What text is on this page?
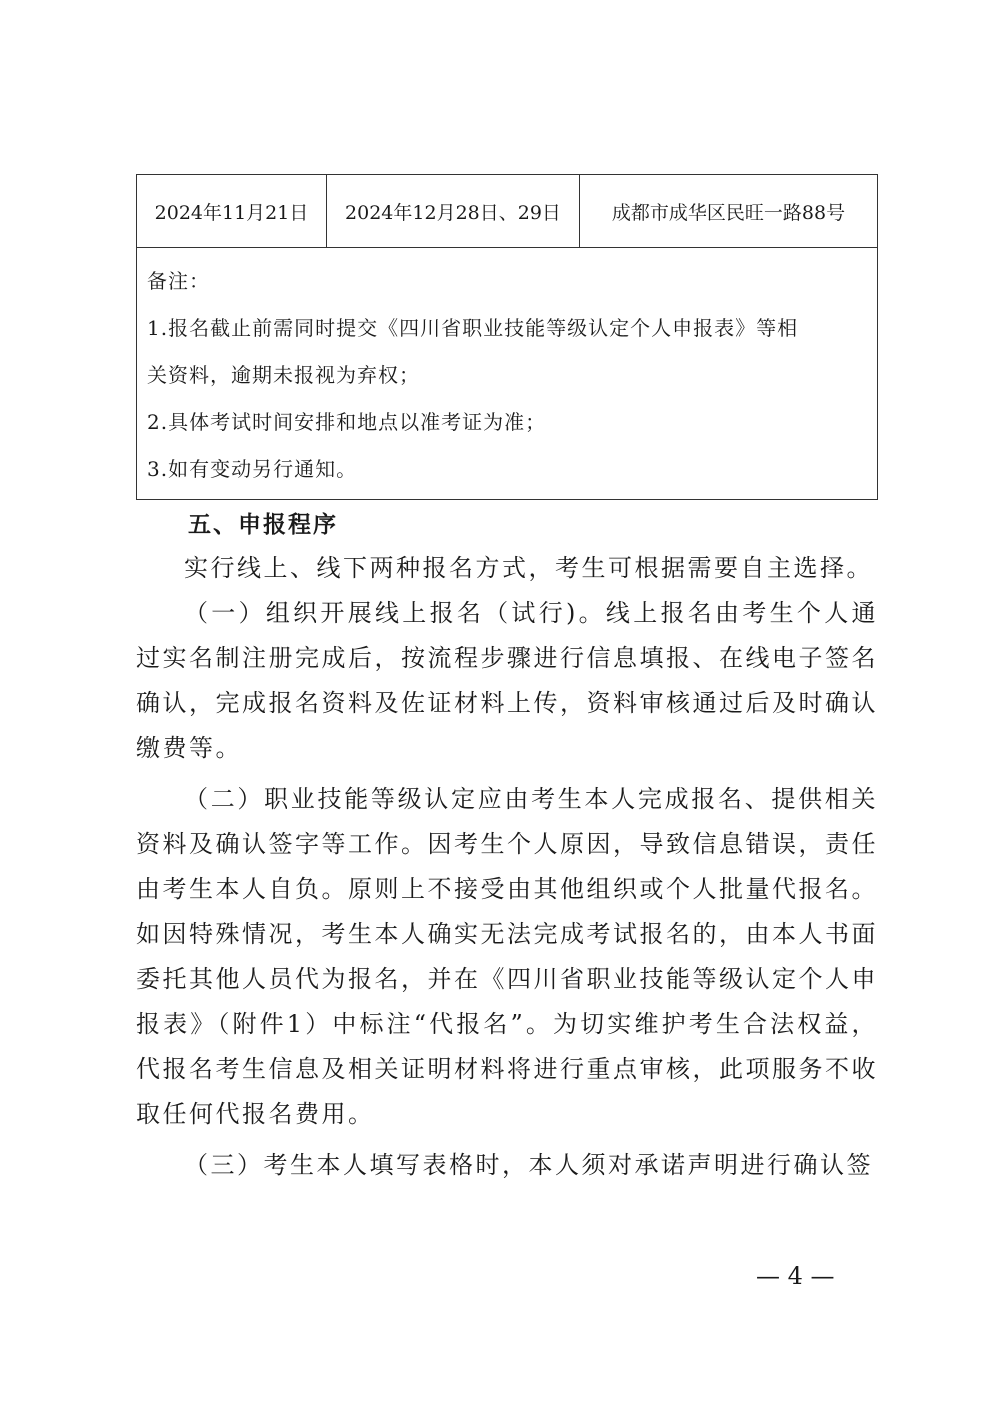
2024年11月21日	2024年12月28日、29日	成都市成华区民旺一路88号
备注：
1.报名截止前需同时提交《四川省职业技能等级认定个人申报表》等相
关资料，逾期未报视为弃权；
2.具体考试时间安排和地点以准考证为准；
3.如有变动另行通知。
五、申报程序

实行线上、线下两种报名方式，考生可根据需要自主选择。

（一）组织开展线上报名（试行)。线上报名由考生个人通过实名制注册完成后，按流程步骤进行信息填报、在线电子签名确认，完成报名资料及佐证材料上传，资料审核通过后及时确认缴费等。

（二）职业技能等级认定应由考生本人完成报名、提供相关资料及确认签字等工作。因考生个人原因，导致信息错误，责任由考生本人自负。原则上不接受由其他组织或个人批量代报名。如因特殊情况，考生本人确实无法完成考试报名的，由本人书面委托其他人员代为报名，并在《四川省职业技能等级认定个人申报表》（附件1）中标注“代报名”。为切实维护考生合法权益，代报名考生信息及相关证明材料将进行重点审核，此项服务不收取任何代报名费用。

（三）考生本人填写表格时，本人须对承诺声明进行确认签

— 4 —
